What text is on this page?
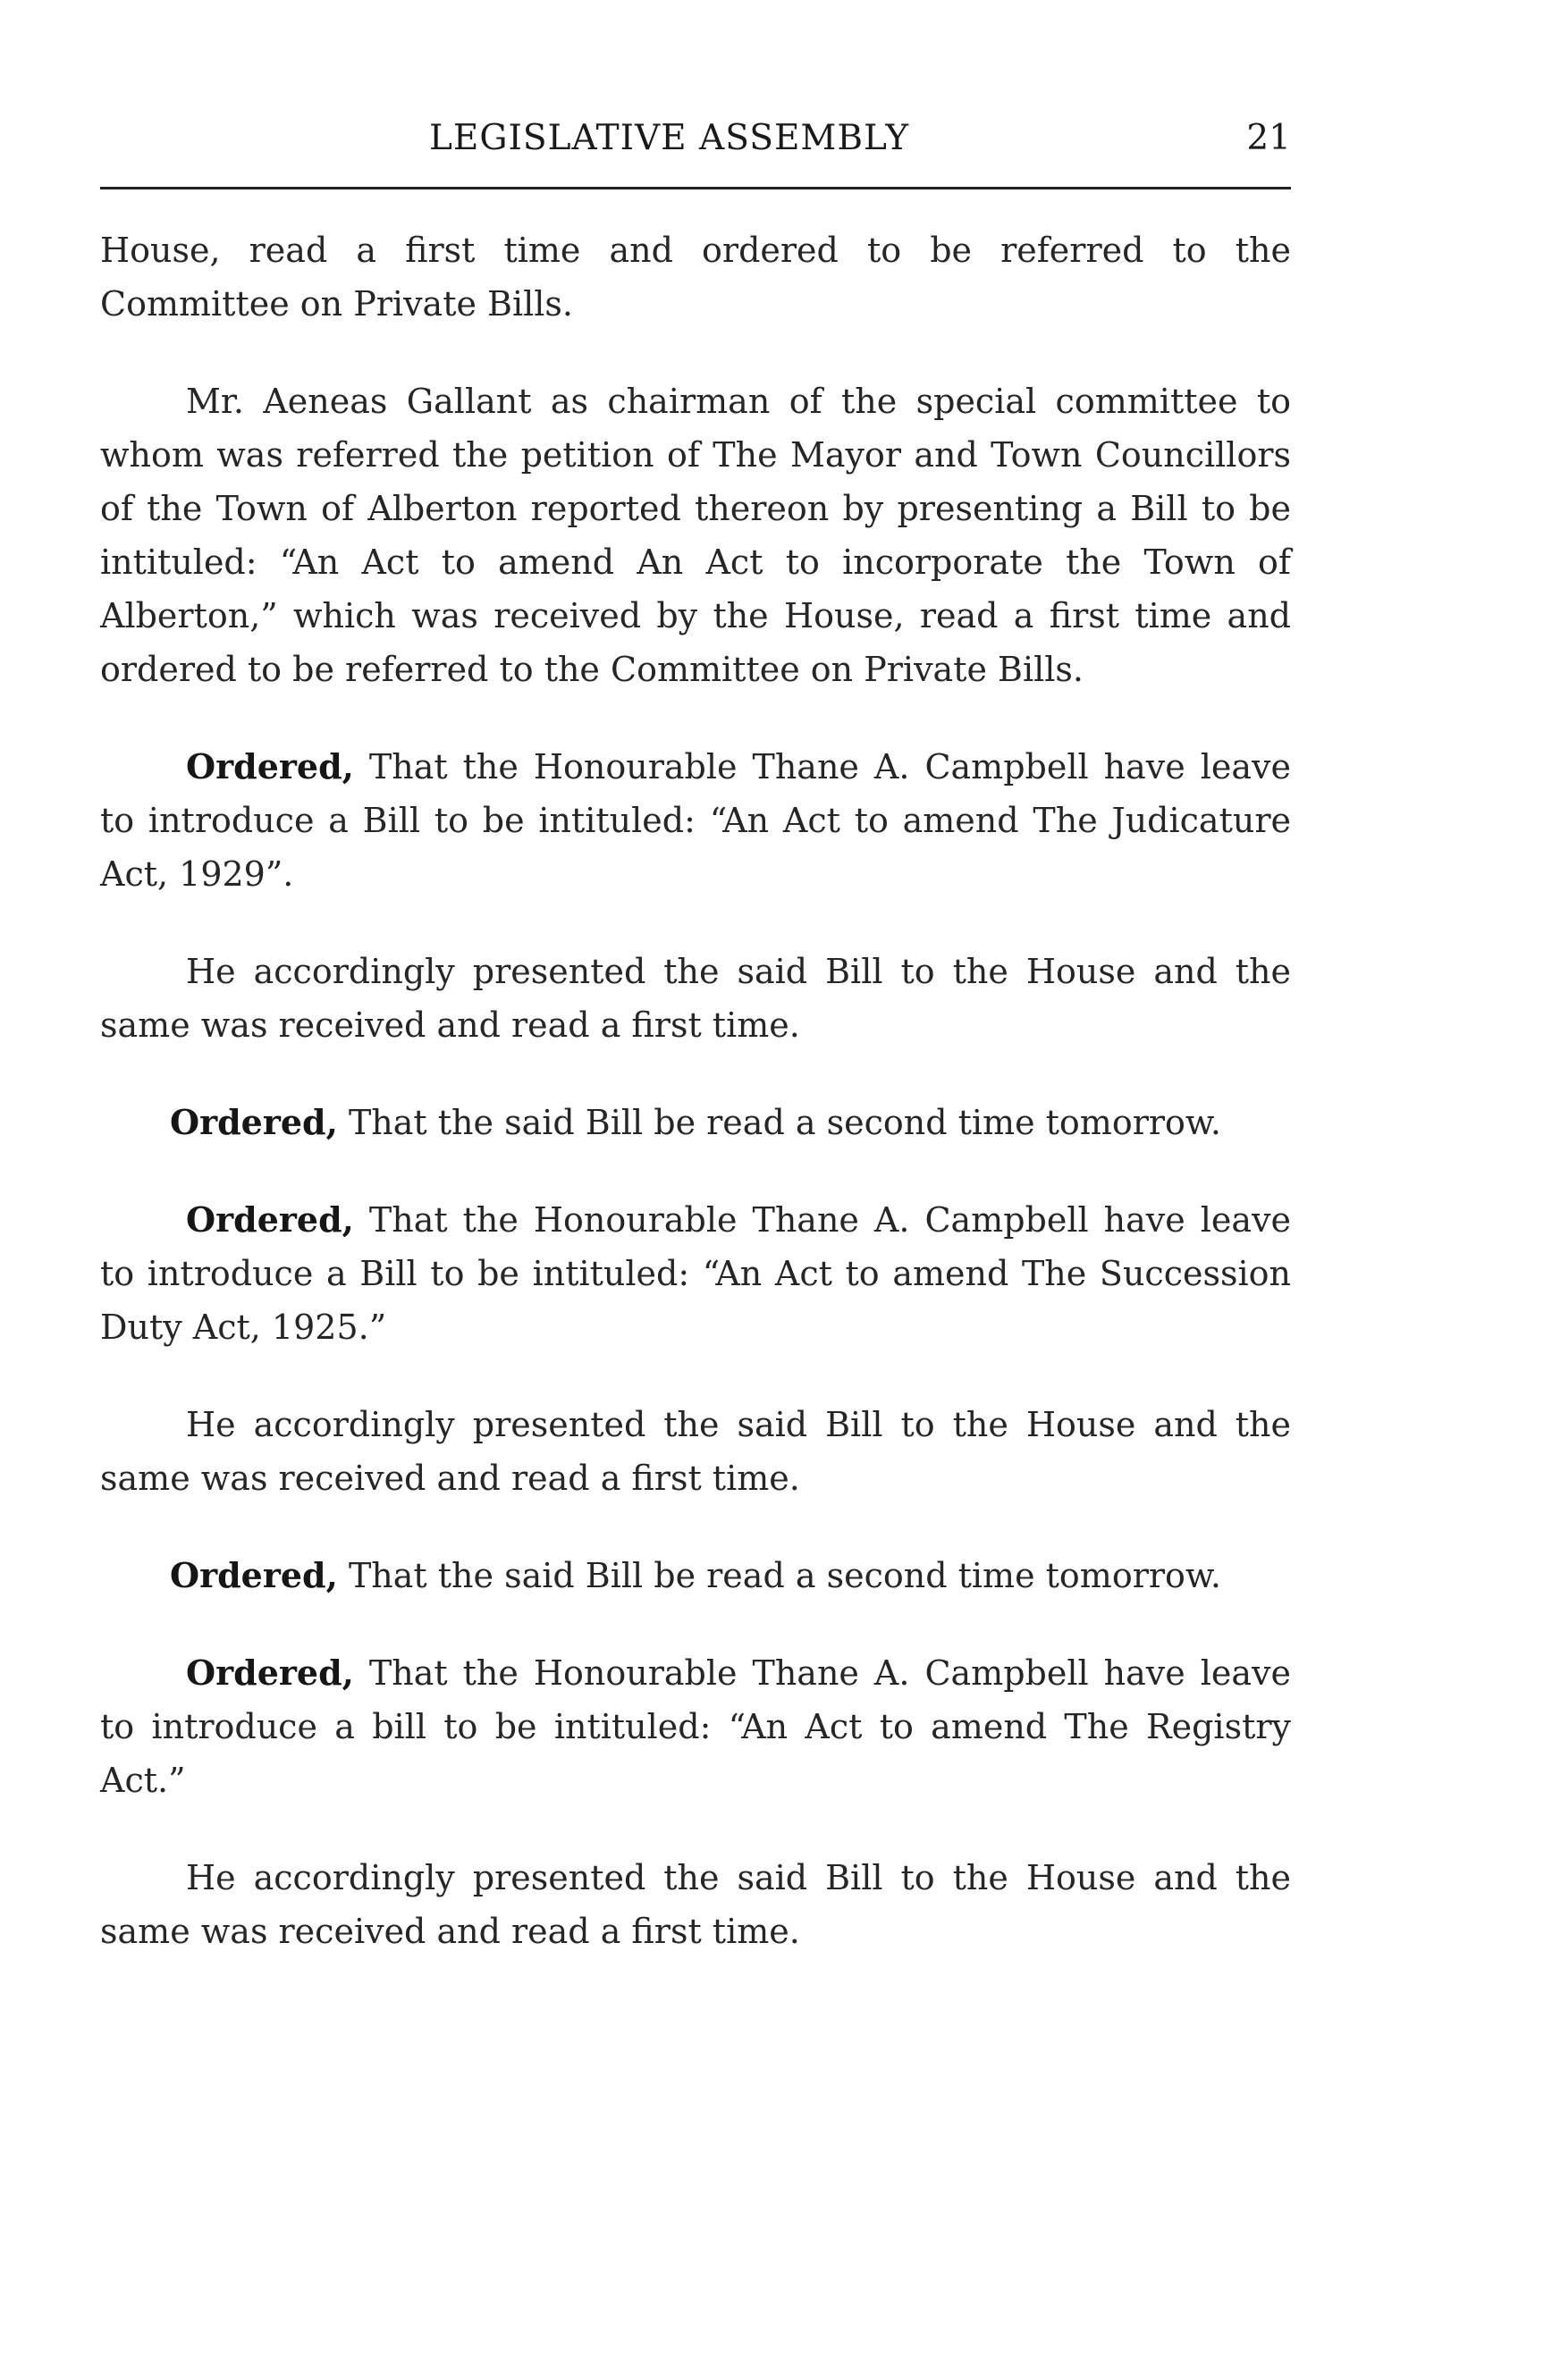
LEGISLATIVE ASSEMBLY	21

House, read a first time and ordered to be referred to the Committee on Private Bills.

Mr. Aeneas Gallant as chairman of the special committee to whom was referred the petition of The Mayor and Town Councillors of the Town of Alberton reported thereon by presenting a Bill to be intituled: “An Act to amend An Act to incorporate the Town of Alberton,” which was received by the House, read a first time and ordered to be referred to the Committee on Private Bills.

Ordered, That the Honourable Thane A. Campbell have leave to introduce a Bill to be intituled: “An Act to amend The Judicature Act, 1929”.

He accordingly presented the said Bill to the House and the same was received and read a first time.

Ordered, That the said Bill be read a second time tomorrow.

Ordered, That the Honourable Thane A. Campbell have leave to introduce a Bill to be intituled: “An Act to amend The Succession Duty Act, 1925.”

He accordingly presented the said Bill to the House and the same was received and read a first time.

Ordered, That the said Bill be read a second time tomorrow.

Ordered, That the Honourable Thane A. Campbell have leave to introduce a bill to be intituled: “An Act to amend The Registry Act.”

He accordingly presented the said Bill to the House and the same was received and read a first time.
